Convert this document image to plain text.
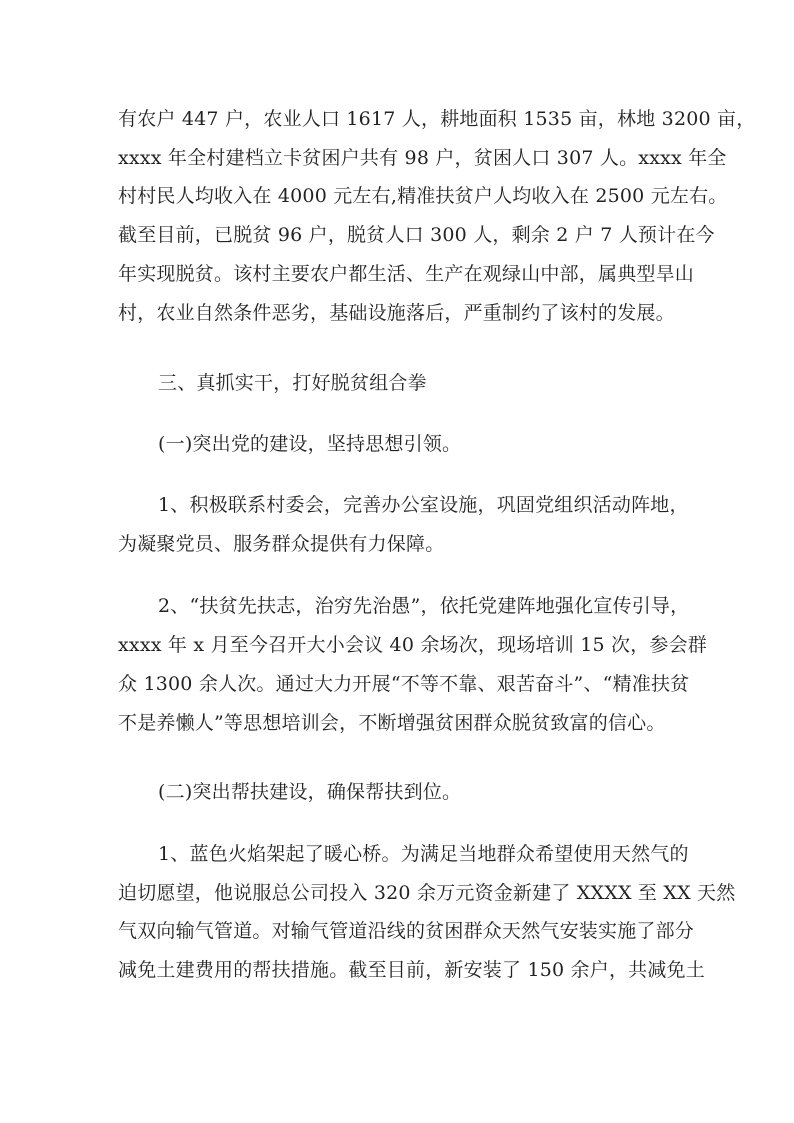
有农户 447 户，农业人口 1617 人，耕地面积 1535 亩，林地 3200 亩，
xxxx 年全村建档立卡贫困户共有 98 户，贫困人口 307 人。xxxx 年全
村村民人均收入在 4000 元左右,精准扶贫户人均收入在 2500 元左右。
截至目前，已脱贫 96 户，脱贫人口 300 人，剩余 2 户 7 人预计在今
年实现脱贫。该村主要农户都生活、生产在观绿山中部，属典型旱山
村，农业自然条件恶劣，基础设施落后，严重制约了该村的发展。
三、真抓实干，打好脱贫组合拳
(一)突出党的建设，坚持思想引领。
1、积极联系村委会，完善办公室设施，巩固党组织活动阵地，
为凝聚党员、服务群众提供有力保障。
2、“扶贫先扶志，治穷先治愚”，依托党建阵地强化宣传引导，
xxxx 年 x 月至今召开大小会议 40 余场次，现场培训 15 次，参会群
众 1300 余人次。通过大力开展“不等不靠、艰苦奋斗”、“精准扶贫
不是养懒人”等思想培训会，不断增强贫困群众脱贫致富的信心。
(二)突出帮扶建设，确保帮扶到位。
1、蓝色火焰架起了暖心桥。为满足当地群众希望使用天然气的
迫切愿望，他说服总公司投入 320 余万元资金新建了 XXXX 至 XX 天然
气双向输气管道。对输气管道沿线的贫困群众天然气安装实施了部分
减免土建费用的帮扶措施。截至目前，新安装了 150 余户，共减免土
